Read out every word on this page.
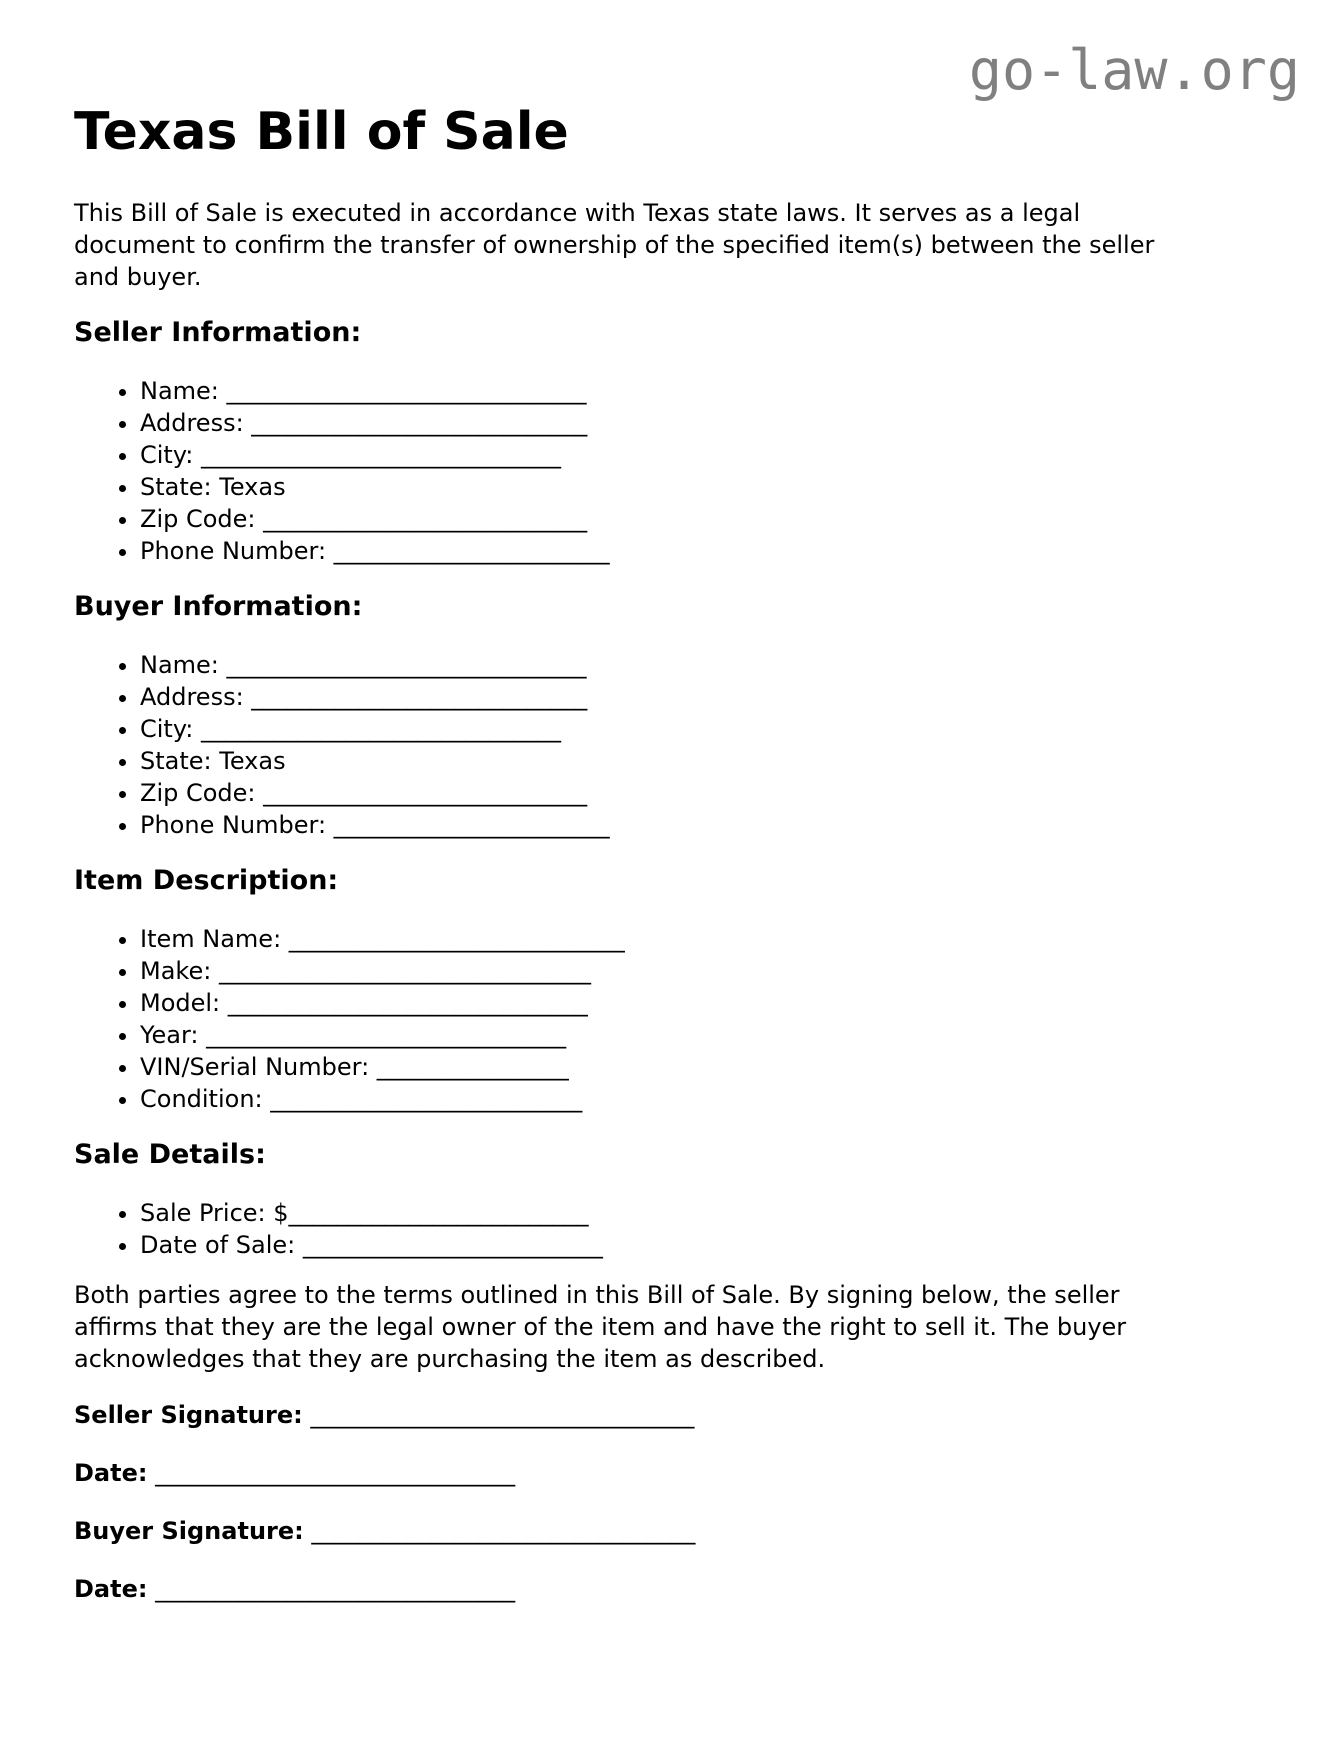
go-law.org
Texas Bill of Sale

This Bill of Sale is executed in accordance with Texas state laws. It serves as a legal
document to confirm the transfer of ownership of the specified item(s) between the seller
and buyer.

Seller Information:
• Name: ______________________________
• Address: ____________________________
• City: ______________________________
• State: Texas
• Zip Code: ___________________________
• Phone Number: _______________________
Buyer Information:
• Name: ______________________________
• Address: ____________________________
• City: ______________________________
• State: Texas
• Zip Code: ___________________________
• Phone Number: _______________________
Item Description:
• Item Name: ____________________________
• Make: _______________________________
• Model: ______________________________
• Year: ______________________________
• VIN/Serial Number: ________________
• Condition: __________________________
Sale Details:
• Sale Price: $_________________________
• Date of Sale: _________________________

Both parties agree to the terms outlined in this Bill of Sale. By signing below, the seller
affirms that they are the legal owner of the item and have the right to sell it. The buyer
acknowledges that they are purchasing the item as described.

Seller Signature: ________________________________

Date: ______________________________

Buyer Signature: ________________________________

Date: ______________________________
